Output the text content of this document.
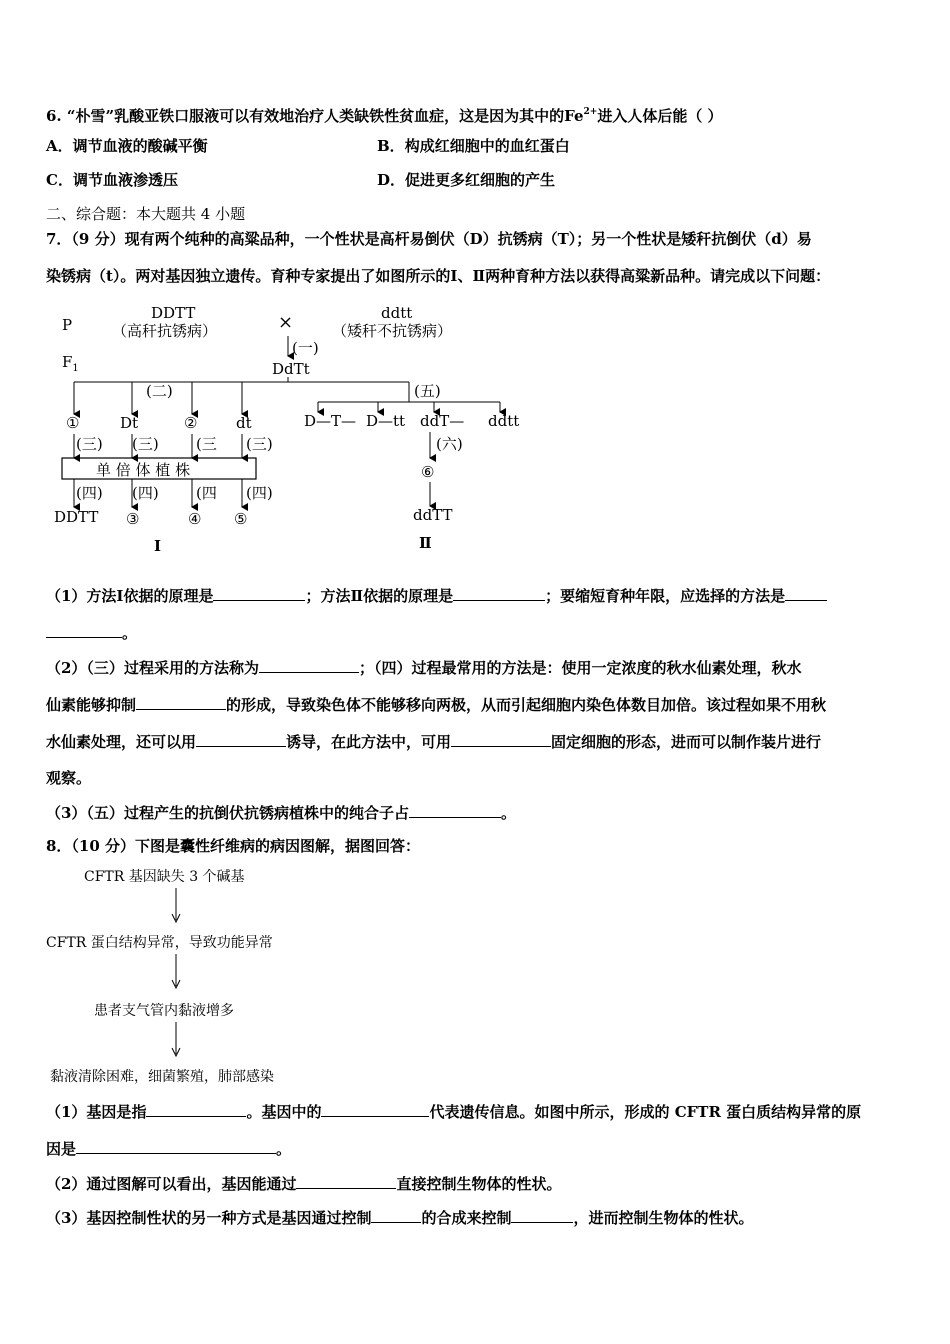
6. “朴雪”乳酸亚铁口服液可以有效地治疗人类缺铁性贫血症，这是因为其中的$Fe^{2+}$进入人体后能（ ）
A．调节血液的酸碱平衡	B．构成红细胞中的血红蛋白
C．调节血液渗透压	D．促进更多红细胞的产生
二、综合题：本大题共 4 小题
7．（9 分）现有两个纯种的高粱品种，一个性状是高杆易倒伏（D）抗锈病（T）；另一个性状是矮秆抗倒伏（d）易
染锈病（t）。两对基因独立遗传。育种专家提出了如图所示的Ⅰ、Ⅱ两种育种方法以获得高粱新品种。请完成以下问题：
P
$F_1$
DDTT
（高秆抗锈病）	×	ddtt
（矮秆不抗锈病）
(一)
DdTt
(二)	(五)
①	Dt	②	dt
(三) (三) (三 (三)
单 倍 体 植 株
(四) (四) (四 (四)
DDTT ③	④ ⑤
D—T— D—tt ddT— ddtt
(六)
⑥
ddTT
I	Ⅱ
（1）方法Ⅰ依据的原理是	；方法Ⅱ依据的原理是	；要缩短育种年限，应选择的方法是
。
（2）（三）过程采用的方法称为	；（四）过程最常用的方法是：使用一定浓度的秋水仙素处理，秋水
仙素能够抑制	的形成，导致染色体不能够移向两极，从而引起细胞内染色体数目加倍。该过程如果不用秋
水仙素处理，还可以用	诱导，在此方法中，可用	固定细胞的形态，进而可以制作装片进行
观察。
（3）（五）过程产生的抗倒伏抗锈病植株中的纯合子占	。
8．（10 分）下图是囊性纤维病的病因图解，据图回答：
CFTR 基因缺失 3 个碱基
CFTR 蛋白结构异常，导致功能异常
患者支气管内黏液增多
黏液清除困难，细菌繁殖，肺部感染
（1）基因是指	。基因中的	代表遗传信息。如图中所示，形成的 CFTR 蛋白质结构异常的原
因是	。
（2）通过图解可以看出，基因能通过	直接控制生物体的性状。
（3）基因控制性状的另一种方式是基因通过控制	的合成来控制	，进而控制生物体的性状。
